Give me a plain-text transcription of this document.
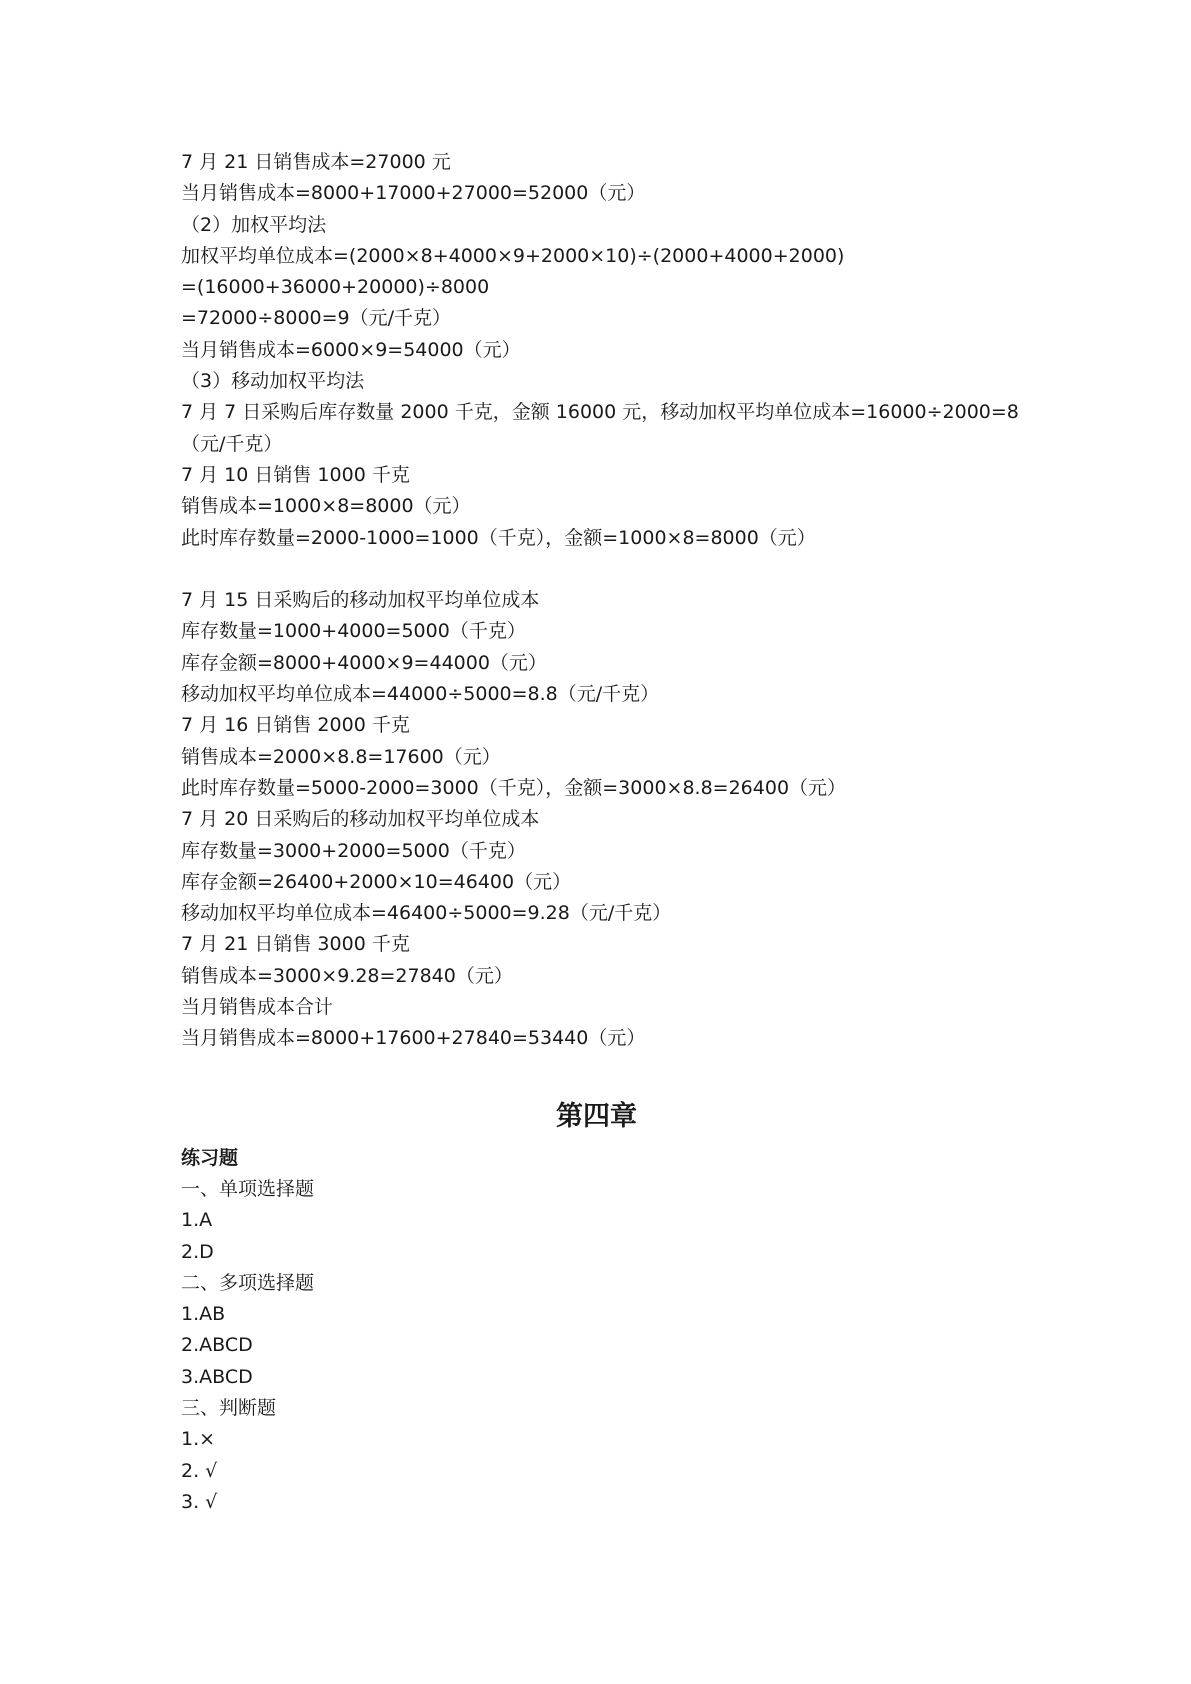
7 月 21 日销售成本=27000 元
当月销售成本=8000+17000+27000=52000（元）
（2）加权平均法
加权平均单位成本=(2000×8+4000×9+2000×10)÷(2000+4000+2000)
=(16000+36000+20000)÷8000
=72000÷8000=9（元/千克）
当月销售成本=6000×9=54000（元）
（3）移动加权平均法
7 月 7 日采购后库存数量 2000 千克，金额 16000 元，移动加权平均单位成本=16000÷2000=8
（元/千克）
7 月 10 日销售 1000 千克
销售成本=1000×8=8000（元）
此时库存数量=2000-1000=1000（千克），金额=1000×8=8000（元）
7 月 15 日采购后的移动加权平均单位成本
库存数量=1000+4000=5000（千克）
库存金额=8000+4000×9=44000（元）
移动加权平均单位成本=44000÷5000=8.8（元/千克）
7 月 16 日销售 2000 千克
销售成本=2000×8.8=17600（元）
此时库存数量=5000-2000=3000（千克），金额=3000×8.8=26400（元）
7 月 20 日采购后的移动加权平均单位成本
库存数量=3000+2000=5000（千克）
库存金额=26400+2000×10=46400（元）
移动加权平均单位成本=46400÷5000=9.28（元/千克）
7 月 21 日销售 3000 千克
销售成本=3000×9.28=27840（元）
当月销售成本合计
当月销售成本=8000+17600+27840=53440（元）
第四章
练习题
一、单项选择题
1.A
2.D
二、多项选择题
1.AB
2.ABCD
3.ABCD
三、判断题
1.×
2. √
3. √
